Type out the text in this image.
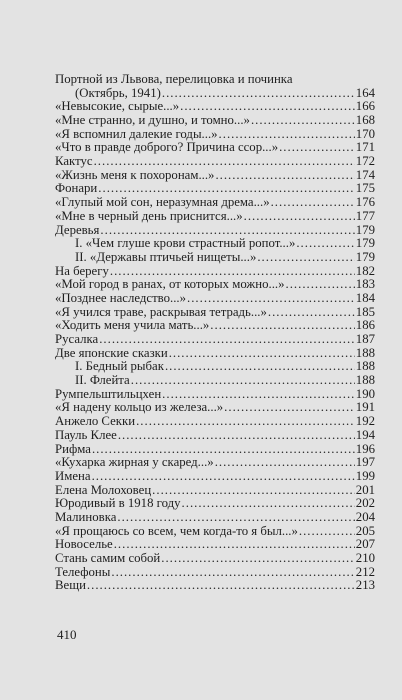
Портной из Львова, перелицовка и починка
(Октябрь, 1941) .....	164
«Невысокие, сырые...» .....	166
«Мне странно, и душно, и томно...» .....	168
«Я вспомнил далекие годы...» .....	170
«Что в правде доброго? Причина ссор...» .....	171
Кактус .....	172
«Жизнь меня к похоронам...» .....	174
Фонари .....	175
«Глупый мой сон, неразумная дрема...» .....	176
«Мне в черный день приснится...» .....	177
Деревья .....	179
I. «Чем глуше крови страстный ропот...» .....	179
II. «Державы птичьей нищеты...» .....	179
На берегу .....	182
«Мой город в ранах, от которых можно...» .....	183
«Позднее наследство...» .....	184
«Я учился траве, раскрывая тетрадь...» .....	185
«Ходить меня учила мать...» .....	186
Русалка .....	187
Две японские сказки .....	188
I. Бедный рыбак .....	188
II. Флейта .....	188
Румпельштильцхен .....	190
«Я надену кольцо из железа...» .....	191
Анжело Секки .....	192
Пауль Клее .....	194
Рифма .....	196
«Кухарка жирная у скаред...» .....	197
Имена .....	199
Елена Молоховец .....	201
Юродивый в 1918 году .....	202
Малиновка .....	204
«Я прощаюсь со всем, чем когда-то я был...» .....	205
Новоселье .....	207
Стань самим собой .....	210
Телефоны .....	212
Вещи .....	213
410
